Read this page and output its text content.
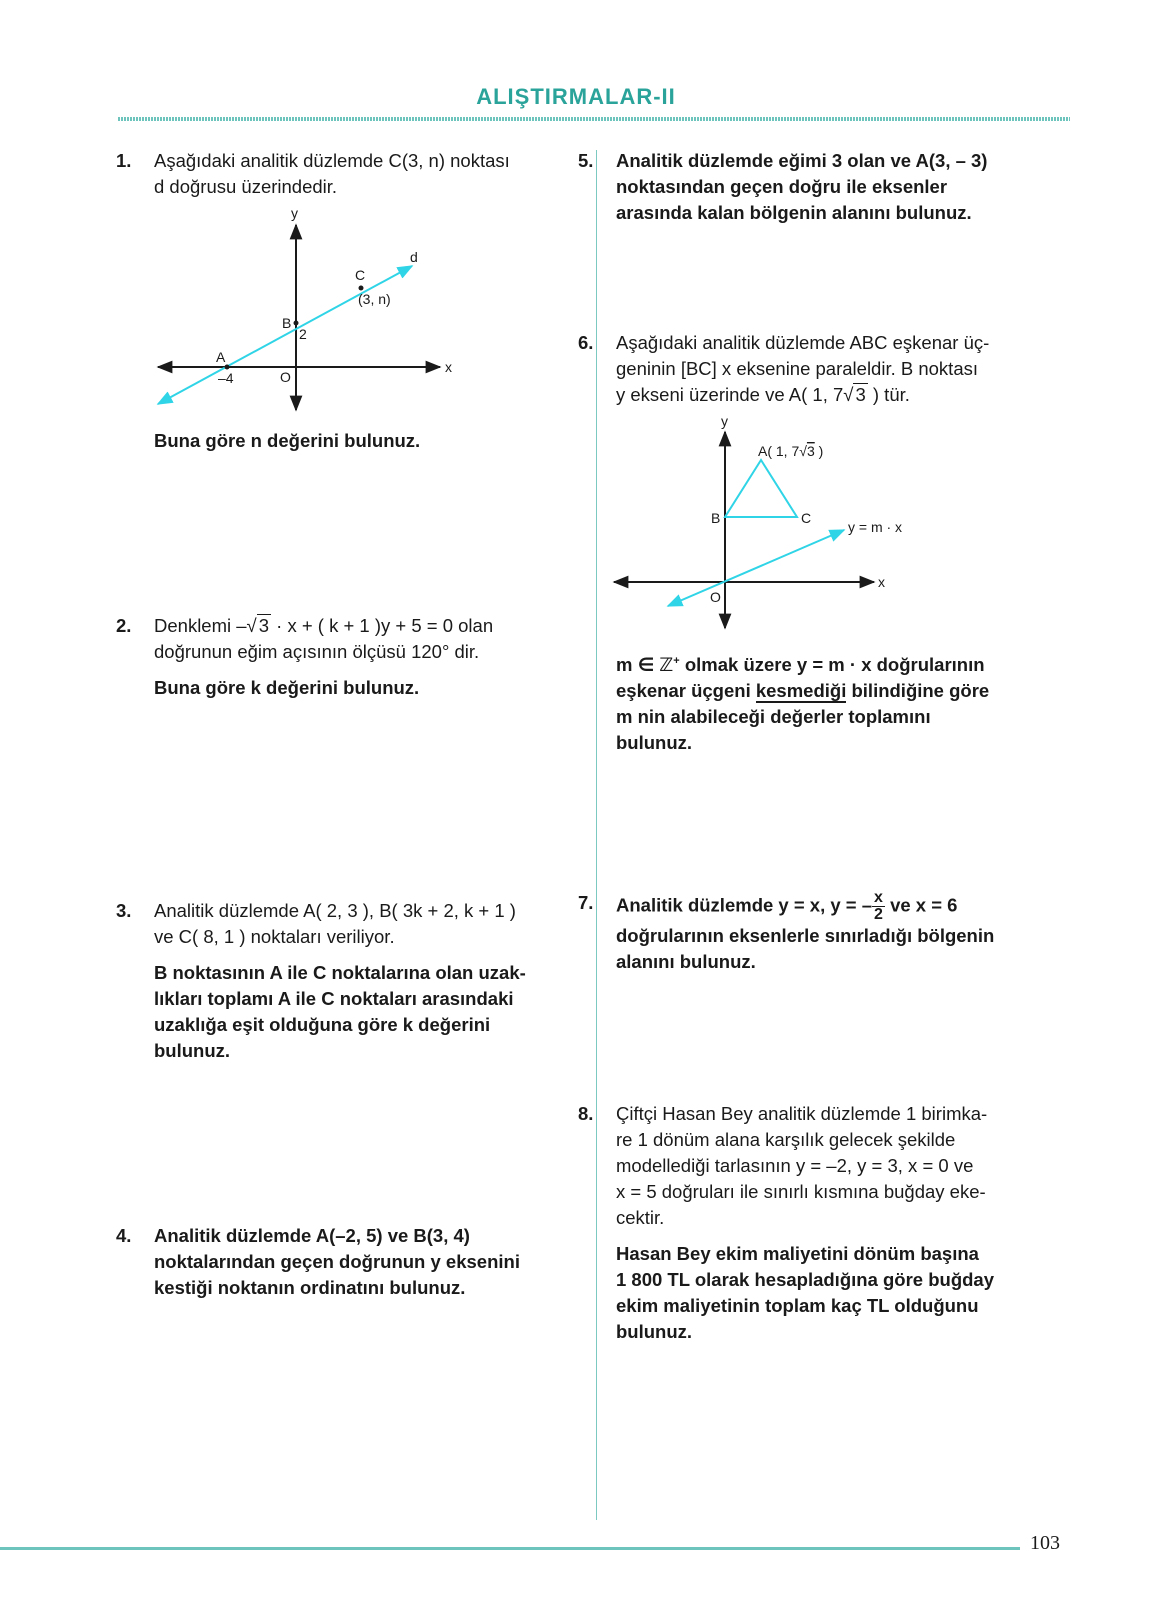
ALIŞTIRMALAR-II
1. Aşağıdaki analitik düzlemde C(3, n) noktası

d doğrusu üzerindedir.

y
x
d
C
(3, n)
B
2
A
–4	O

Buna göre n değerini bulunuz.

2. Denklemi –√ 3 · x + ( k + 1 )y + 5 = 0 olan

doğrunun eğim açısının ölçüsü 120° dir.

Buna göre k değerini bulunuz.

3. Analitik düzlemde A( 2, 3 ), B( 3k + 2, k + 1 )

ve C( 8, 1 ) noktaları veriliyor.

B noktasının A ile C noktalarına olan uzak-

lıkları toplamı A ile C noktaları arasındaki

uzaklığa eşit olduğuna göre k değerini

bulunuz.

4. Analitik düzlemde A(–2, 5) ve B(3, 4)

noktalarından geçen doğrunun y eksenini

kestiği noktanın ordinatını bulunuz.

5. Analitik düzlemde eğimi 3 olan ve A(3, – 3)

noktasından geçen doğru ile eksenler

arasında kalan bölgenin alanını bulunuz.

6. Aşağıdaki analitik düzlemde ABC eşkenar üç-

geninin [BC] x eksenine paraleldir. B noktası

y ekseni üzerinde ve A( 1, 7√ 3 ) tür.

y
A( 1, 7√3 )
B	C
y = m · x
x
O

m ∈ ℤ+ olmak üzere y = m · x doğrularının

eşkenar üçgeni kesmediği bilindiğine göre

m nin alabileceği değerler toplamını

bulunuz.

7. Analitik düzlemde y = x, y = – $\frac{x}{2}$ ve x = 6

doğrularının eksenlerle sınırladığı bölgenin

alanını bulunuz.

8. Çiftçi Hasan Bey analitik düzlemde 1 birimka-

re 1 dönüm alana karşılık gelecek şekilde

modellediği tarlasının y = –2, y = 3, x = 0 ve

x = 5 doğruları ile sınırlı kısmına buğday eke-

cektir.

Hasan Bey ekim maliyetini dönüm başına

1 800 TL olarak hesapladığına göre buğday

ekim maliyetinin toplam kaç TL olduğunu

bulunuz.

103
